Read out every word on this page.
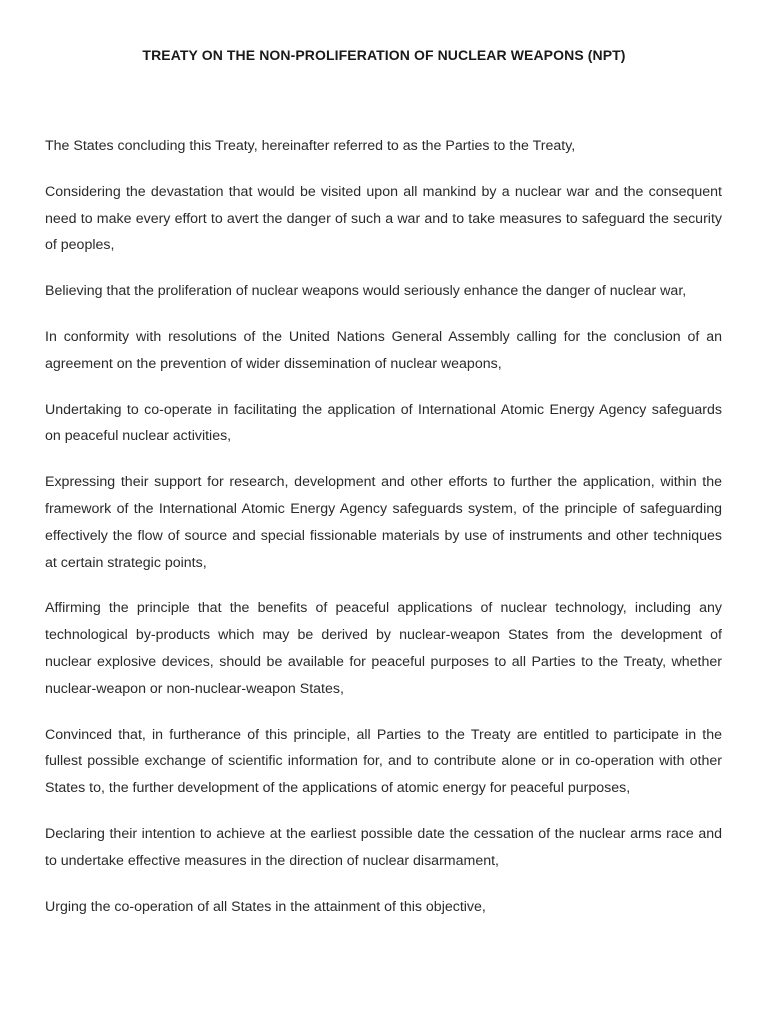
TREATY ON THE NON-PROLIFERATION OF NUCLEAR WEAPONS (NPT)

The States concluding this Treaty, hereinafter referred to as the Parties to the Treaty,

Considering the devastation that would be visited upon all mankind by a nuclear war and the consequent need to make every effort to avert the danger of such a war and to take measures to safeguard the security of peoples,

Believing that the proliferation of nuclear weapons would seriously enhance the danger of nuclear war,

In conformity with resolutions of the United Nations General Assembly calling for the conclusion of an agreement on the prevention of wider dissemination of nuclear weapons,

Undertaking to co-operate in facilitating the application of International Atomic Energy Agency safeguards on peaceful nuclear activities,

Expressing their support for research, development and other efforts to further the application, within the framework of the International Atomic Energy Agency safeguards system, of the principle of safeguarding effectively the flow of source and special fissionable materials by use of instruments and other techniques at certain strategic points,

Affirming the principle that the benefits of peaceful applications of nuclear technology, including any technological by-products which may be derived by nuclear-weapon States from the development of nuclear explosive devices, should be available for peaceful purposes to all Parties to the Treaty, whether nuclear-weapon or non-nuclear-weapon States,

Convinced that, in furtherance of this principle, all Parties to the Treaty are entitled to participate in the fullest possible exchange of scientific information for, and to contribute alone or in co-operation with other States to, the further development of the applications of atomic energy for peaceful purposes,

Declaring their intention to achieve at the earliest possible date the cessation of the nuclear arms race and to undertake effective measures in the direction of nuclear disarmament,

Urging the co-operation of all States in the attainment of this objective,
